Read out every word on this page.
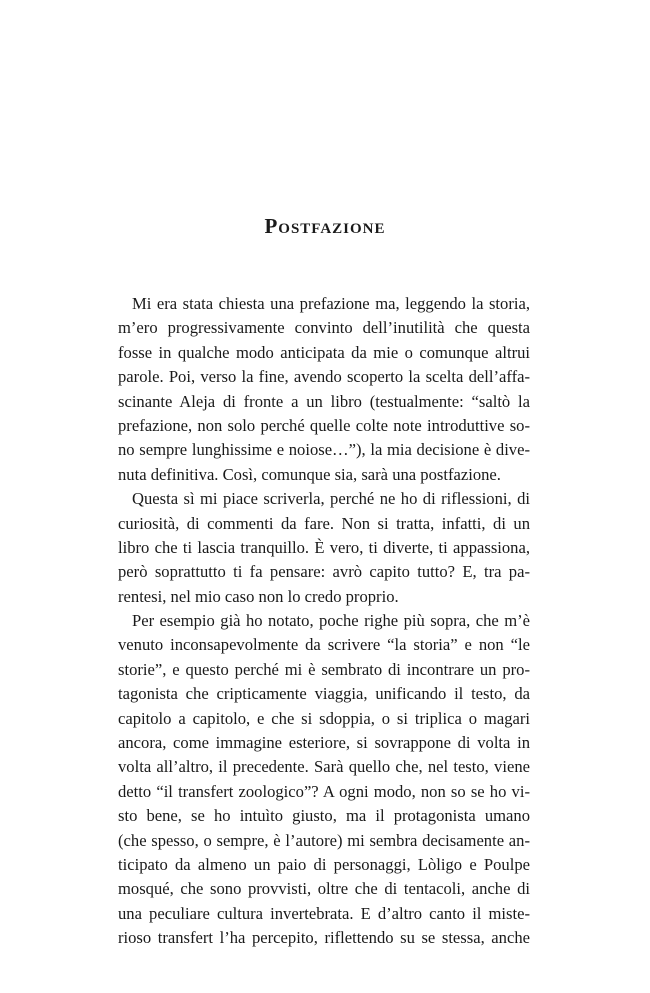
Postfazione
Mi era stata chiesta una prefazione ma, leggendo la storia,
m’ero progressivamente convinto dell’inutilità che questa
fosse in qualche modo anticipata da mie o comunque altrui
parole. Poi, verso la fine, avendo scoperto la scelta dell’affa-
scinante Aleja di fronte a un libro (testualmente: “saltò la
prefazione, non solo perché quelle colte note introduttive so-
no sempre lunghissime e noiose…”), la mia decisione è dive-
nuta definitiva. Così, comunque sia, sarà una postfazione.
Questa sì mi piace scriverla, perché ne ho di riflessioni, di
curiosità, di commenti da fare. Non si tratta, infatti, di un
libro che ti lascia tranquillo. È vero, ti diverte, ti appassiona,
però soprattutto ti fa pensare: avrò capito tutto? E, tra pa-
rentesi, nel mio caso non lo credo proprio.
Per esempio già ho notato, poche righe più sopra, che m’è
venuto inconsapevolmente da scrivere “la storia” e non “le
storie”, e questo perché mi è sembrato di incontrare un pro-
tagonista che cripticamente viaggia, unificando il testo, da
capitolo a capitolo, e che si sdoppia, o si triplica o magari
ancora, come immagine esteriore, si sovrappone di volta in
volta all’altro, il precedente. Sarà quello che, nel testo, viene
detto “il transfert zoologico”? A ogni modo, non so se ho vi-
sto bene, se ho intuìto giusto, ma il protagonista umano
(che spesso, o sempre, è l’autore) mi sembra decisamente an-
ticipato da almeno un paio di personaggi, Lòligo e Poulpe
mosqué, che sono provvisti, oltre che di tentacoli, anche di
una peculiare cultura invertebrata. E d’altro canto il miste-
rioso transfert l’ha percepito, riflettendo su se stessa, anche
